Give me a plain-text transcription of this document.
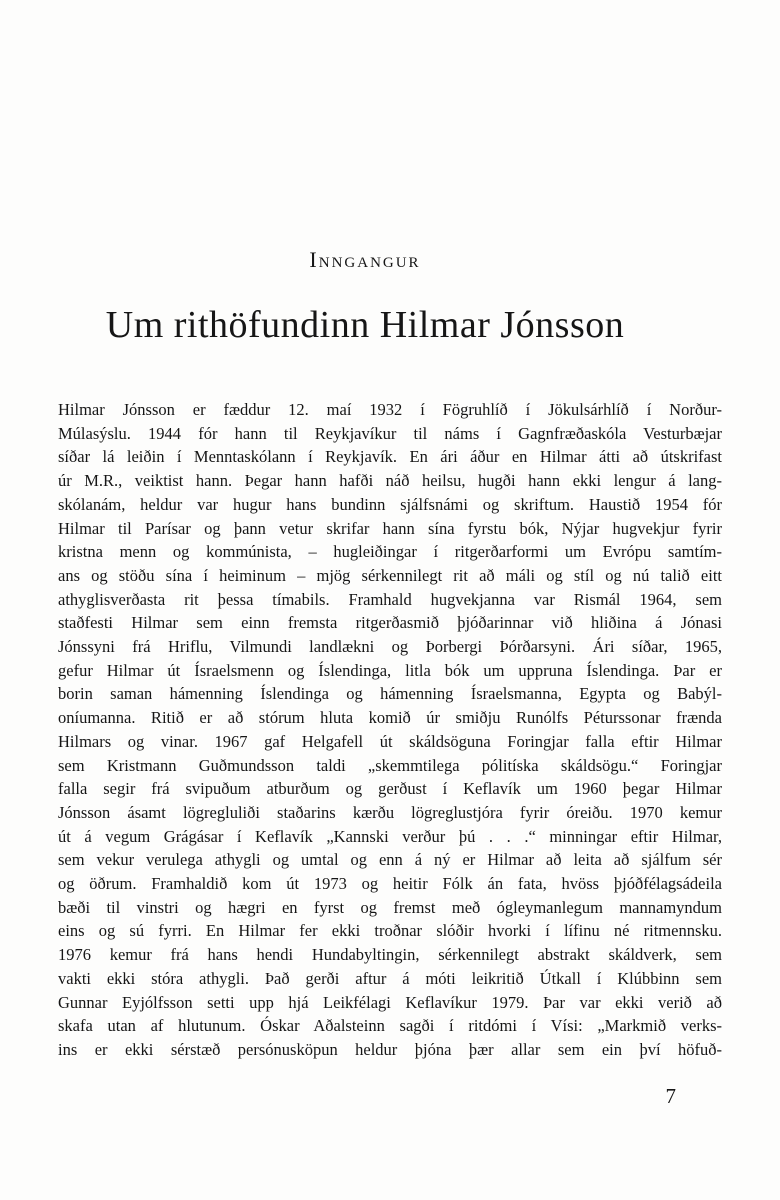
Inngangur
Um rithöfundinn Hilmar Jónsson
Hilmar Jónsson er fæddur 12. maí 1932 í Fögruhlíð í Jökulsárhlíð í Norður-
Múlasýslu. 1944 fór hann til Reykjavíkur til náms í Gagnfræðaskóla Vesturbæjar
síðar lá leiðin í Menntaskólann í Reykjavík. En ári áður en Hilmar átti að útskrifast
úr M.R., veiktist hann. Þegar hann hafði náð heilsu, hugði hann ekki lengur á lang-
skólanám, heldur var hugur hans bundinn sjálfsnámi og skriftum. Haustið 1954 fór
Hilmar til Parísar og þann vetur skrifar hann sína fyrstu bók, Nýjar hugvekjur fyrir
kristna menn og kommúnista, – hugleiðingar í ritgerðarformi um Evrópu samtím-
ans og stöðu sína í heiminum – mjög sérkennilegt rit að máli og stíl og nú talið eitt
athyglisverðasta rit þessa tímabils. Framhald hugvekjanna var Rismál 1964, sem
staðfesti Hilmar sem einn fremsta ritgerðasmið þjóðarinnar við hliðina á Jónasi
Jónssyni frá Hriflu, Vilmundi landlækni og Þorbergi Þórðarsyni. Ári síðar, 1965,
gefur Hilmar út Ísraelsmenn og Íslendinga, litla bók um uppruna Íslendinga. Þar er
borin saman hámenning Íslendinga og hámenning Ísraelsmanna, Egypta og Babýl-
oníumanna. Ritið er að stórum hluta komið úr smiðju Runólfs Péturssonar frænda
Hilmars og vinar. 1967 gaf Helgafell út skáldsöguna Foringjar falla eftir Hilmar
sem Kristmann Guðmundsson taldi „skemmtilega pólitíska skáldsögu.“ Foringjar
falla segir frá svipuðum atburðum og gerðust í Keflavík um 1960 þegar Hilmar
Jónsson ásamt lögregluliði staðarins kærðu lögreglustjóra fyrir óreiðu. 1970 kemur
út á vegum Grágásar í Keflavík „Kannski verður þú . . .“ minningar eftir Hilmar,
sem vekur verulega athygli og umtal og enn á ný er Hilmar að leita að sjálfum sér
og öðrum. Framhaldið kom út 1973 og heitir Fólk án fata, hvöss þjóðfélagsádeila
bæði til vinstri og hægri en fyrst og fremst með ógleymanlegum mannamyndum
eins og sú fyrri. En Hilmar fer ekki troðnar slóðir hvorki í lífinu né ritmennsku.
1976 kemur frá hans hendi Hundabyltingin, sérkennilegt abstrakt skáldverk, sem
vakti ekki stóra athygli. Það gerði aftur á móti leikritið Útkall í Klúbbinn sem
Gunnar Eyjólfsson setti upp hjá Leikfélagi Keflavíkur 1979. Þar var ekki verið að
skafa utan af hlutunum. Óskar Aðalsteinn sagði í ritdómi í Vísi: „Markmið verks-
ins er ekki sérstæð persónusköpun heldur þjóna þær allar sem ein því höfuð-
7
